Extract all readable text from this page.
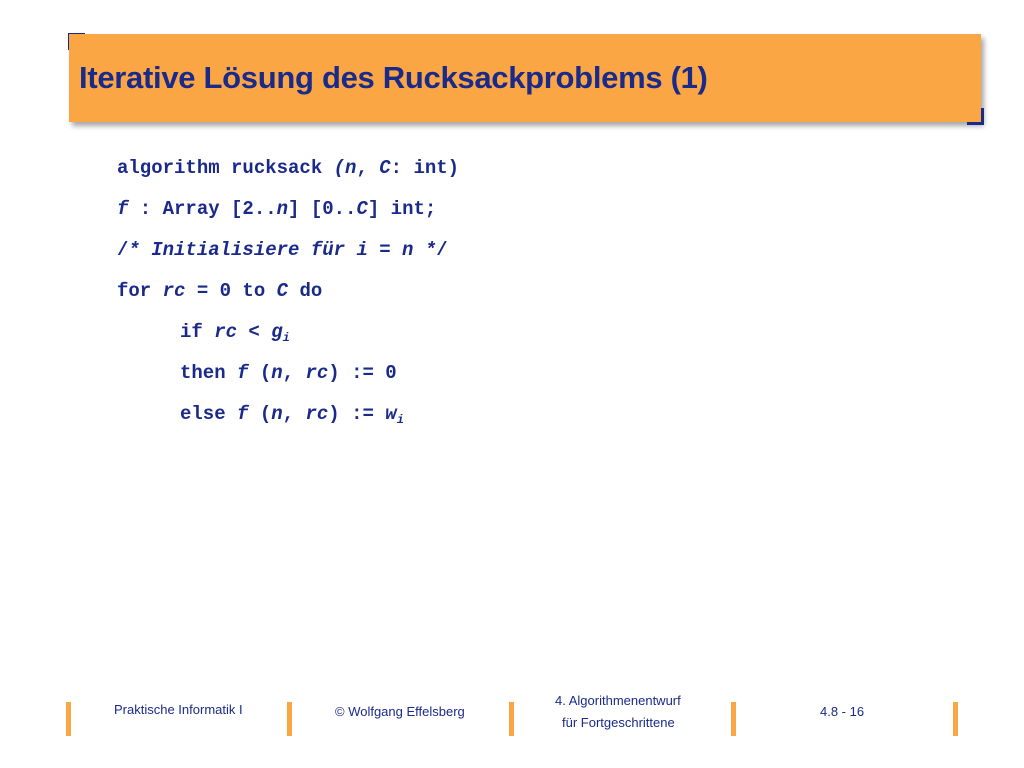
Iterative Lösung des Rucksackproblems (1)
algorithm rucksack (n, C: int)
f : Array [2..n] [0..C] int;
/* Initialisiere für i = n */
for rc = 0 to C do
if rc < $g_i$
then f (n, rc) := 0
else f (n, rc) := $w_i$
Praktische Informatik I	© Wolfgang Effelsberg
4. Algorithmenentwurf
für Fortgeschrittene
4.8 - 16
